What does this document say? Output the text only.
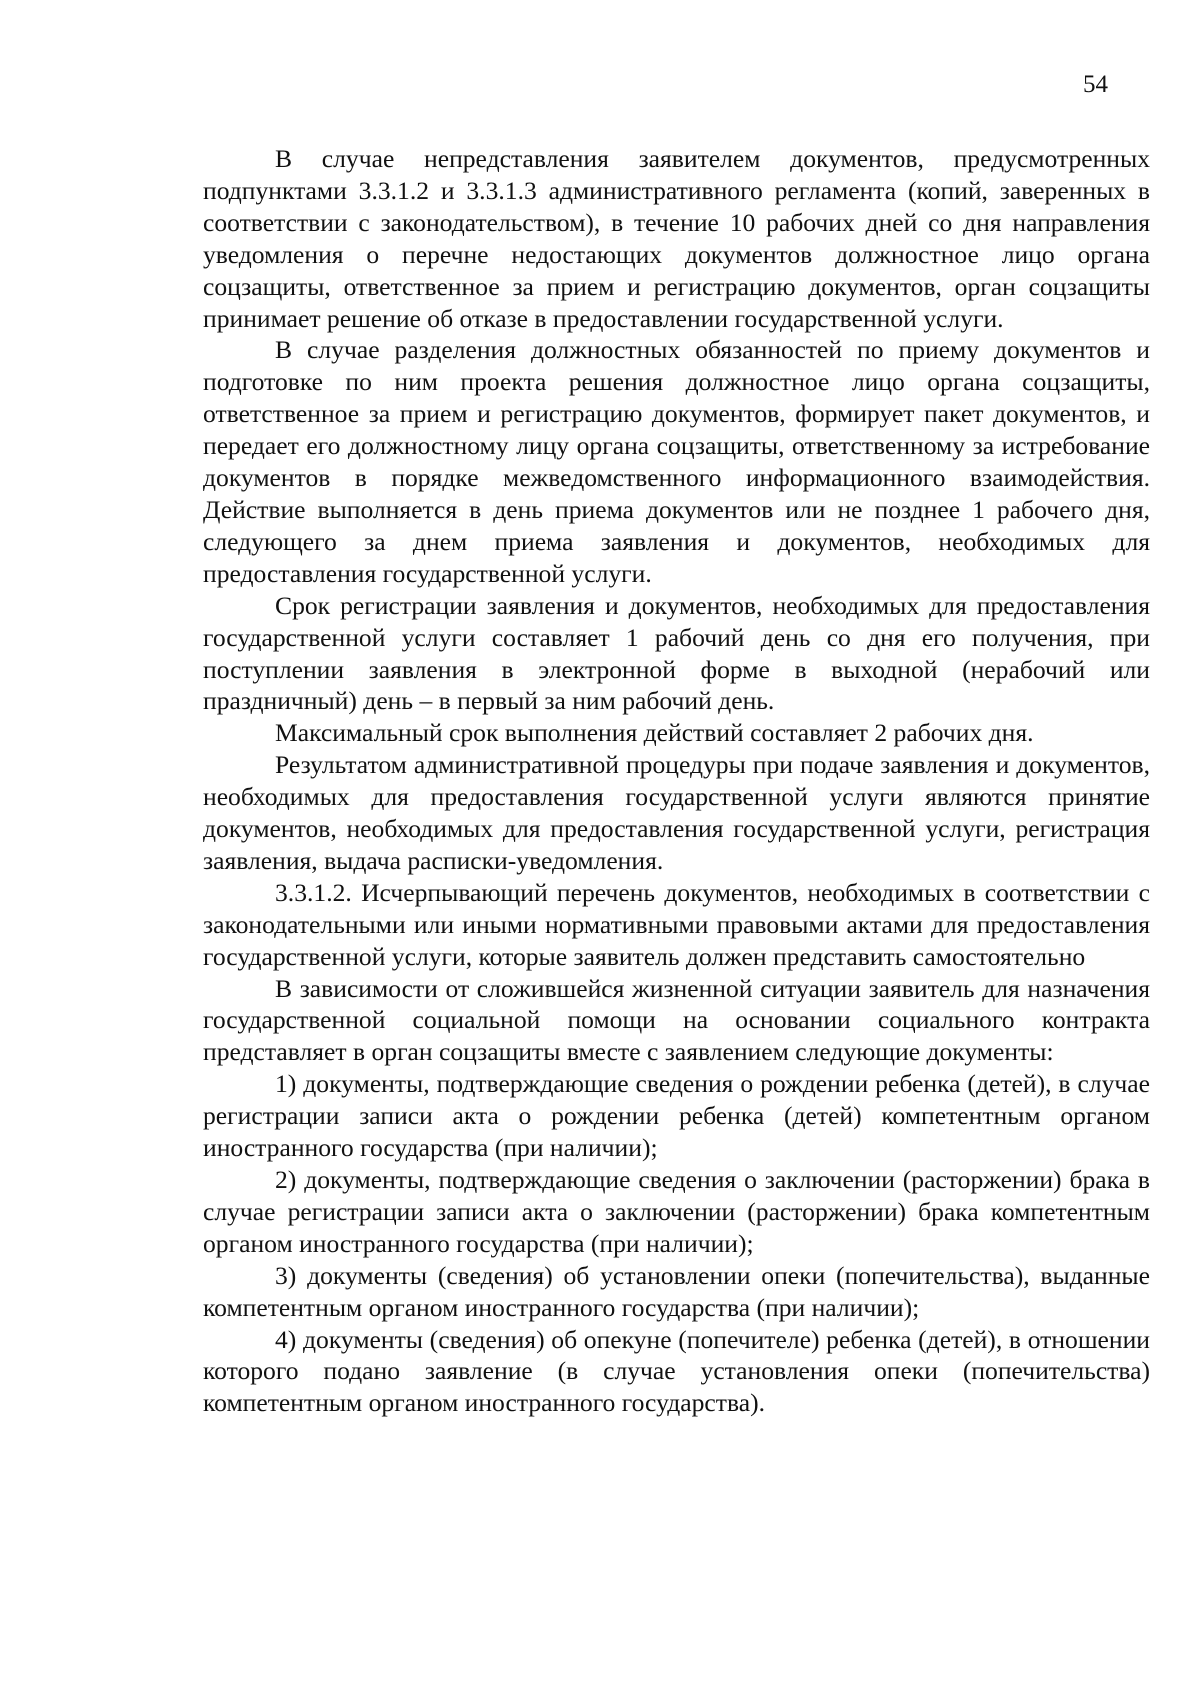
54

В случае непредставления заявителем документов, предусмотренных подпунктами 3.3.1.2 и 3.3.1.3 административного регламента (копий, заверенных в соответствии с законодательством), в течение 10 рабочих дней со дня направления уведомления о перечне недостающих документов должностное лицо органа соцзащиты, ответственное за прием и регистрацию документов, орган соцзащиты принимает решение об отказе в предоставлении государственной услуги.

В случае разделения должностных обязанностей по приему документов и подготовке по ним проекта решения должностное лицо органа соцзащиты, ответственное за прием и регистрацию документов, формирует пакет документов, и передает его должностному лицу органа соцзащиты, ответственному за истребование документов в порядке межведомственного информационного взаимодействия. Действие выполняется в день приема документов или не позднее 1 рабочего дня, следующего за днем приема заявления и документов, необходимых для предоставления государственной услуги.

Срок регистрации заявления и документов, необходимых для предоставления государственной услуги составляет 1 рабочий день со дня его получения, при поступлении заявления в электронной форме в выходной (нерабочий или праздничный) день – в первый за ним рабочий день.

Максимальный срок выполнения действий составляет 2 рабочих дня.

Результатом административной процедуры при подаче заявления и документов, необходимых для предоставления государственной услуги являются принятие документов, необходимых для предоставления государственной услуги, регистрация заявления, выдача расписки-уведомления.

3.3.1.2. Исчерпывающий перечень документов, необходимых в соответствии с законодательными или иными нормативными правовыми актами для предоставления государственной услуги, которые заявитель должен представить самостоятельно

В зависимости от сложившейся жизненной ситуации заявитель для назначения государственной социальной помощи на основании социального контракта представляет в орган соцзащиты вместе с заявлением следующие документы:

1) документы, подтверждающие сведения о рождении ребенка (детей), в случае регистрации записи акта о рождении ребенка (детей) компетентным органом иностранного государства (при наличии);

2) документы, подтверждающие сведения о заключении (расторжении) брака в случае регистрации записи акта о заключении (расторжении) брака компетентным органом иностранного государства (при наличии);

3) документы (сведения) об установлении опеки (попечительства), выданные компетентным органом иностранного государства (при наличии);

4) документы (сведения) об опекуне (попечителе) ребенка (детей), в отношении которого подано заявление (в случае установления опеки (попечительства) компетентным органом иностранного государства).
